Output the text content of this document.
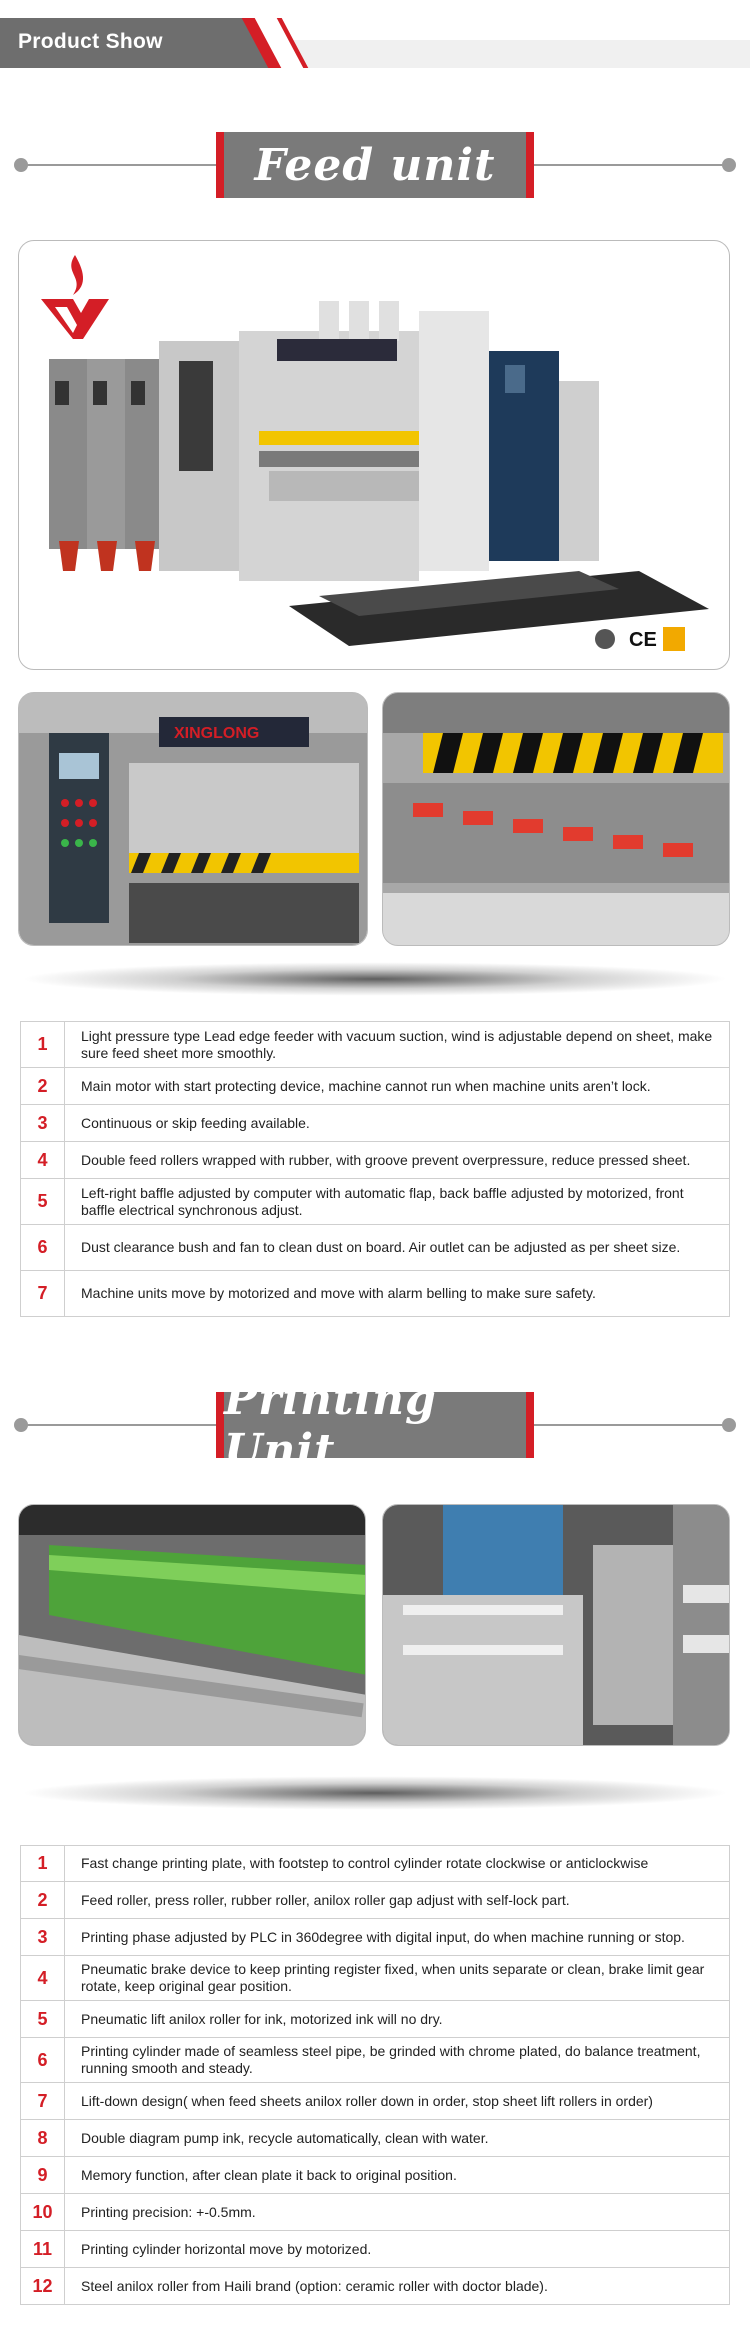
Product Show
Feed unit
CE
XINGLONG
1	Light pressure type Lead edge feeder with vacuum suction, wind is adjustable depend on sheet, make sure feed sheet more smoothly.
2	Main motor with start protecting device, machine cannot run when machine units aren’t lock.
3	Continuous or skip feeding available.
4	Double feed rollers wrapped with rubber, with groove prevent overpressure, reduce pressed sheet.
5	Left-right baffle adjusted by computer with automatic flap, back baffle adjusted by motorized, front baffle electrical synchronous adjust.
6	Dust clearance bush and fan to clean dust on board. Air outlet can be adjusted as per sheet size.
7	Machine units move by motorized and move with alarm belling to make sure safety.
Printing Unit
1	Fast change printing plate, with footstep to control cylinder rotate clockwise or anticlockwise
2	Feed roller, press roller, rubber roller, anilox roller gap adjust with self-lock part.
3	Printing phase adjusted by PLC in 360degree with digital input, do when machine running or stop.
4	Pneumatic brake device to keep printing register fixed, when units separate or clean, brake limit gear rotate, keep original gear position.
5	Pneumatic lift anilox roller for ink, motorized ink will no dry.
6	Printing cylinder made of seamless steel pipe, be grinded with chrome plated, do balance treatment, running smooth and steady.
7	Lift-down design( when feed sheets anilox roller down in order, stop sheet lift rollers in order)
8	Double diagram pump ink, recycle automatically, clean with water.
9	Memory function, after clean plate it back to original position.
10	Printing precision: +-0.5mm.
11	Printing cylinder horizontal move by motorized.
12	Steel anilox roller from Haili brand (option: ceramic roller with doctor blade).
